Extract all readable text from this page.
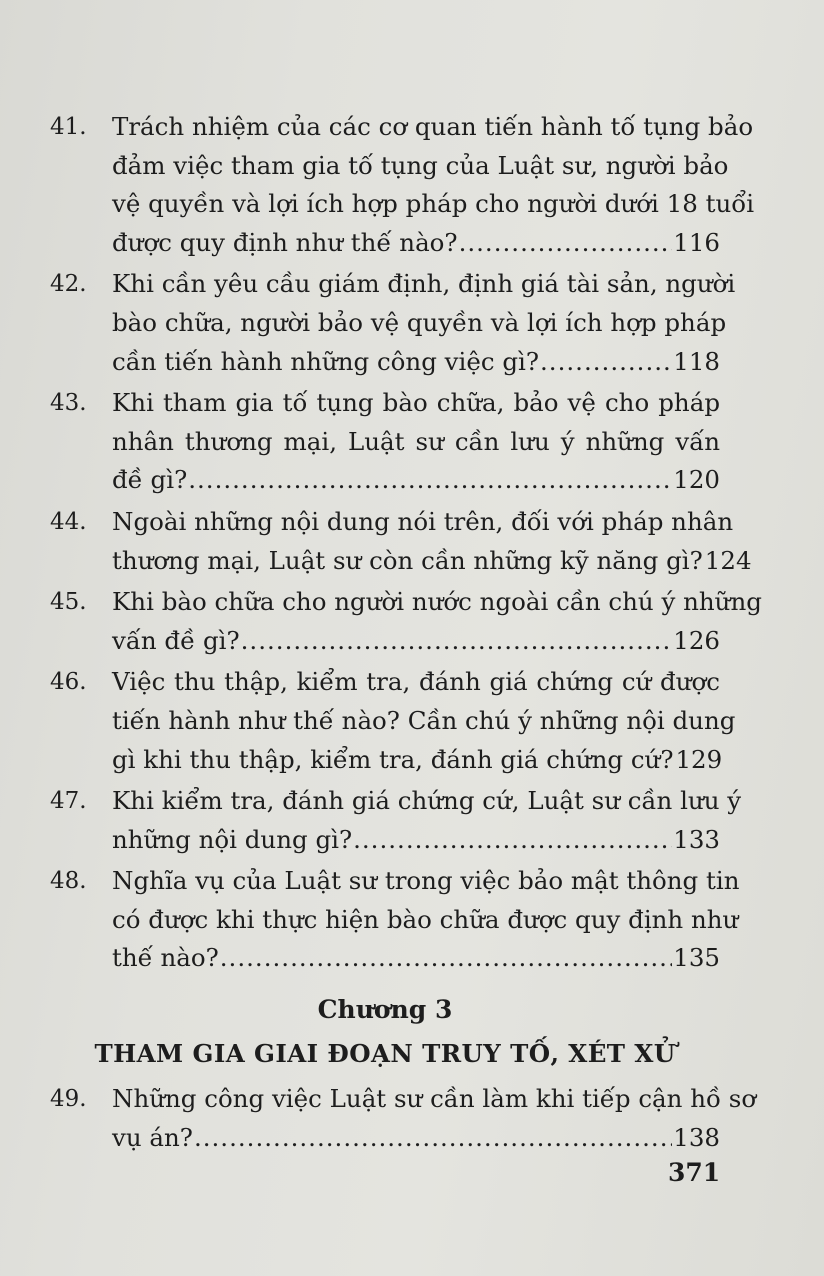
41. Trách nhiệm của các cơ quan tiến hành tố tụng bảo
đảm việc tham gia tố tụng của Luật sư, người bảo
vệ quyền và lợi ích hợp pháp cho người dưới 18 tuổi
được quy định như thế nào? .....	116
42. Khi cần yêu cầu giám định, định giá tài sản, người
bào chữa, người bảo vệ quyền và lợi ích hợp pháp
cần tiến hành những công việc gì? .....	118
43. Khi tham gia tố tụng bào chữa, bảo vệ cho pháp
nhân thương mại, Luật sư cần lưu ý những vấn
đề gì? .....	120
44. Ngoài những nội dung nói trên, đối với pháp nhân
thương mại, Luật sư còn cần những kỹ năng gì? 124
45. Khi bào chữa cho người nước ngoài cần chú ý những
vấn đề gì? .....	126
46. Việc thu thập, kiểm tra, đánh giá chứng cứ được
tiến hành như thế nào? Cần chú ý những nội dung
gì khi thu thập, kiểm tra, đánh giá chứng cứ? 129
47. Khi kiểm tra, đánh giá chứng cứ, Luật sư cần lưu ý
những nội dung gì? .....	133
48. Nghĩa vụ của Luật sư trong việc bảo mật thông tin
có được khi thực hiện bào chữa được quy định như
thế nào? .....	135
Chương 3
THAM GIA GIAI ĐOẠN TRUY TỐ, XÉT XỬ
49. Những công việc Luật sư cần làm khi tiếp cận hồ sơ
vụ án? .....	138
371
